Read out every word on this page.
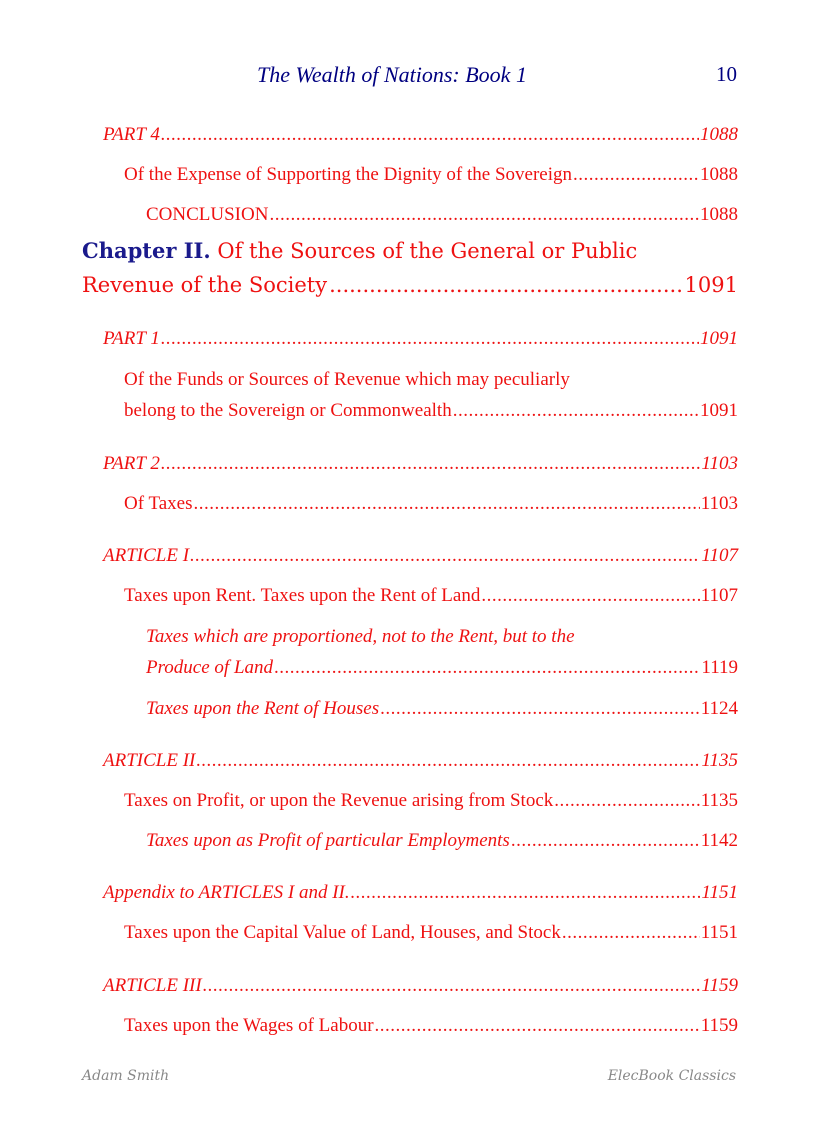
The Wealth of Nations: Book 1	10
PART 4 .....	1088
Of the Expense of Supporting the Dignity of the Sovereign .....	1088
CONCLUSION .....	1088
Chapter II. Of the Sources of the General or Public
Revenue of the Society .....	1091
PART 1 .....	1091
Of the Funds or Sources of Revenue which may peculiarly
belong to the Sovereign or Commonwealth .....	1091
PART 2 .....	1103
Of Taxes .....	1103
ARTICLE I .....	1107
Taxes upon Rent. Taxes upon the Rent of Land .....	1107
Taxes which are proportioned, not to the Rent, but to the
Produce of Land .....	1119
Taxes upon the Rent of Houses .....	1124
ARTICLE II .....	1135
Taxes on Profit, or upon the Revenue arising from Stock .....	1135
Taxes upon as Profit of particular Employments .....	1142
Appendix to ARTICLES I and II. .....	1151
Taxes upon the Capital Value of Land, Houses, and Stock .....	1151
ARTICLE III .....	1159
Taxes upon the Wages of Labour .....	1159
Adam Smith	ElecBook Classics
